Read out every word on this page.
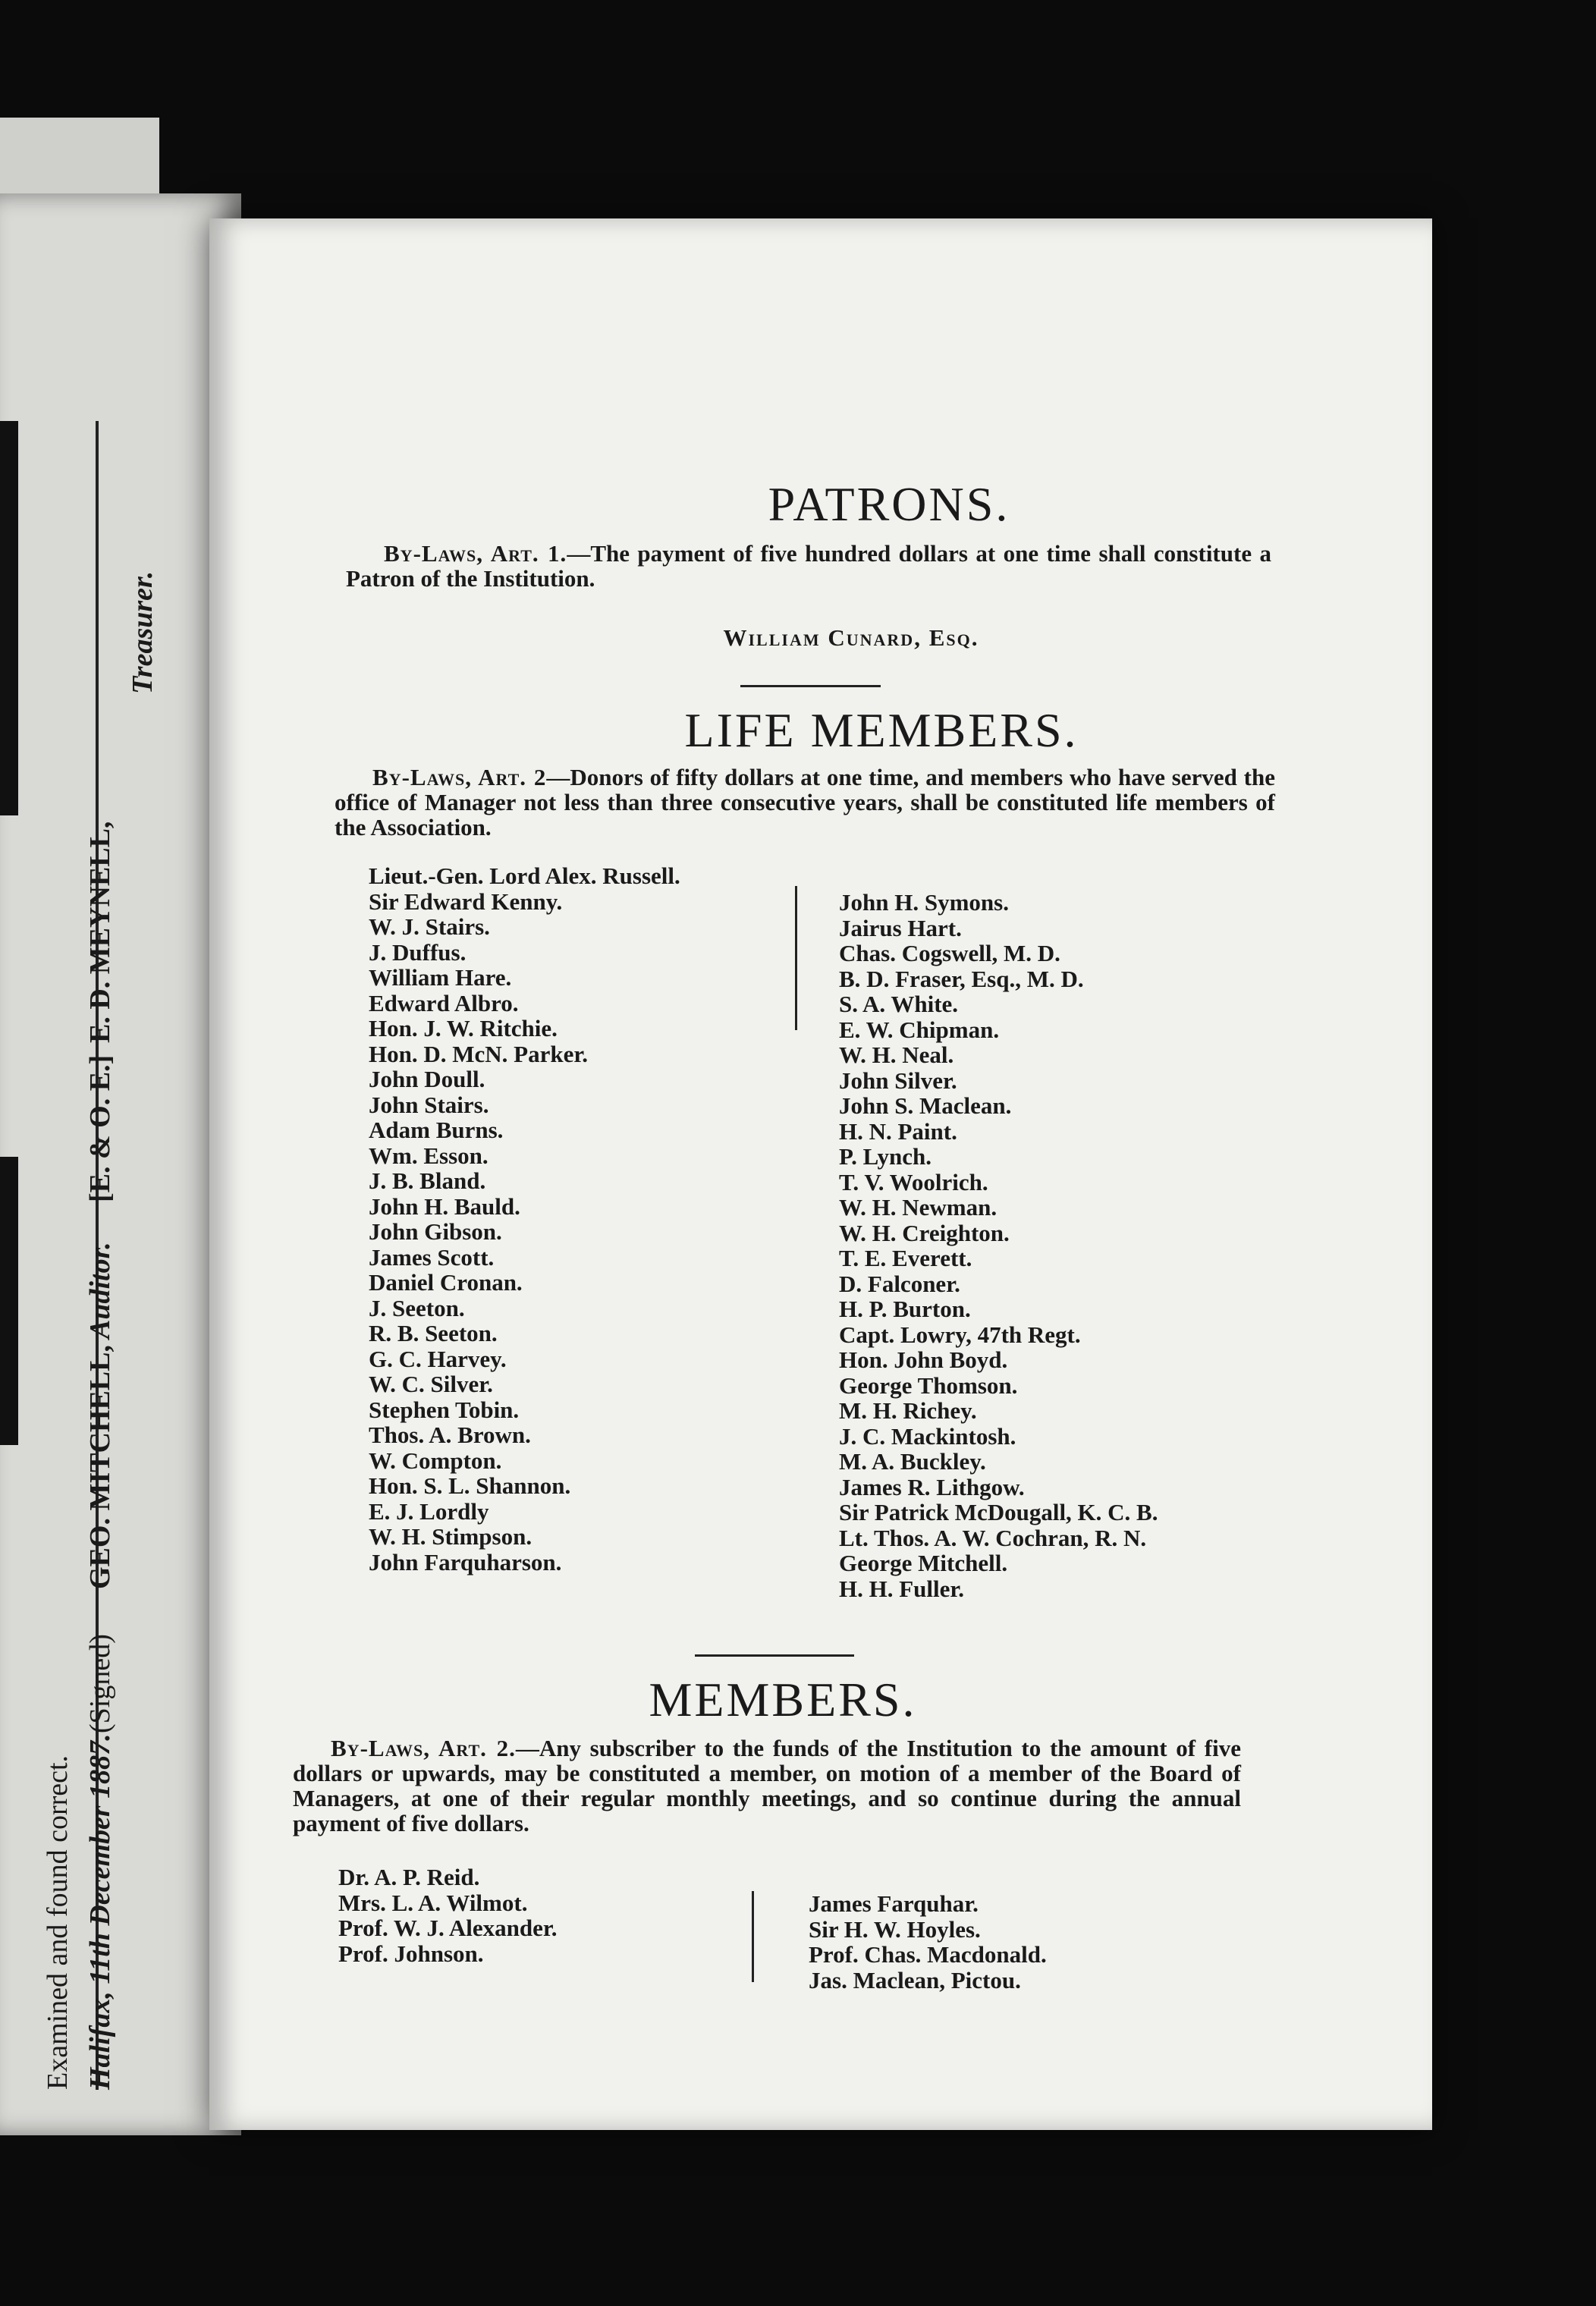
Examined and found correct. Halifax, 11th December 1887.
(Signed)
GEO. MITCHELL,
Auditor.
[E. & O. E.]
E. D. MEYNELL,
Treasurer.
PATRONS.
By-Laws, Art. 1.—The payment of five hundred dollars at one time shall constitute a Patron of the Institution.
William Cunard, Esq.
LIFE MEMBERS.
By-Laws, Art. 2—Donors of fifty dollars at one time, and members who have served the office of Manager not less than three consecutive years, shall be constituted life members of the Association.
Lieut.-Gen. Lord Alex. Russell.
Sir Edward Kenny.
W. J. Stairs.
J. Duffus.
William Hare.
Edward Albro.
Hon. J. W. Ritchie.
Hon. D. McN. Parker.
John Doull.
John Stairs.
Adam Burns.
Wm. Esson.
J. B. Bland.
John H. Bauld.
John Gibson.
James Scott.
Daniel Cronan.
J. Seeton.
R. B. Seeton.
G. C. Harvey.
W. C. Silver.
Stephen Tobin.
Thos. A. Brown.
W. Compton.
Hon. S. L. Shannon.
E. J. Lordly
W. H. Stimpson.
John Farquharson.
John H. Symons.
Jairus Hart.
Chas. Cogswell, M. D.
B. D. Fraser, Esq., M. D.
S. A. White.
E. W. Chipman.
W. H. Neal.
John Silver.
John S. Maclean.
H. N. Paint.
P. Lynch.
T. V. Woolrich.
W. H. Newman.
W. H. Creighton.
T. E. Everett.
D. Falconer.
H. P. Burton.
Capt. Lowry, 47th Regt.
Hon. John Boyd.
George Thomson.
M. H. Richey.
J. C. Mackintosh.
M. A. Buckley.
James R. Lithgow.
Sir Patrick McDougall, K. C. B.
Lt. Thos. A. W. Cochran, R. N.
George Mitchell.
H. H. Fuller.
MEMBERS.
By-Laws, Art. 2.—Any subscriber to the funds of the Institution to the amount of five dollars or upwards, may be constituted a member, on motion of a member of the Board of Managers, at one of their regular monthly meetings, and so continue during the annual payment of five dollars.
Dr. A. P. Reid.
Mrs. L. A. Wilmot.
Prof. W. J. Alexander.
Prof. Johnson.
James Farquhar.
Sir H. W. Hoyles.
Prof. Chas. Macdonald.
Jas. Maclean, Pictou.
